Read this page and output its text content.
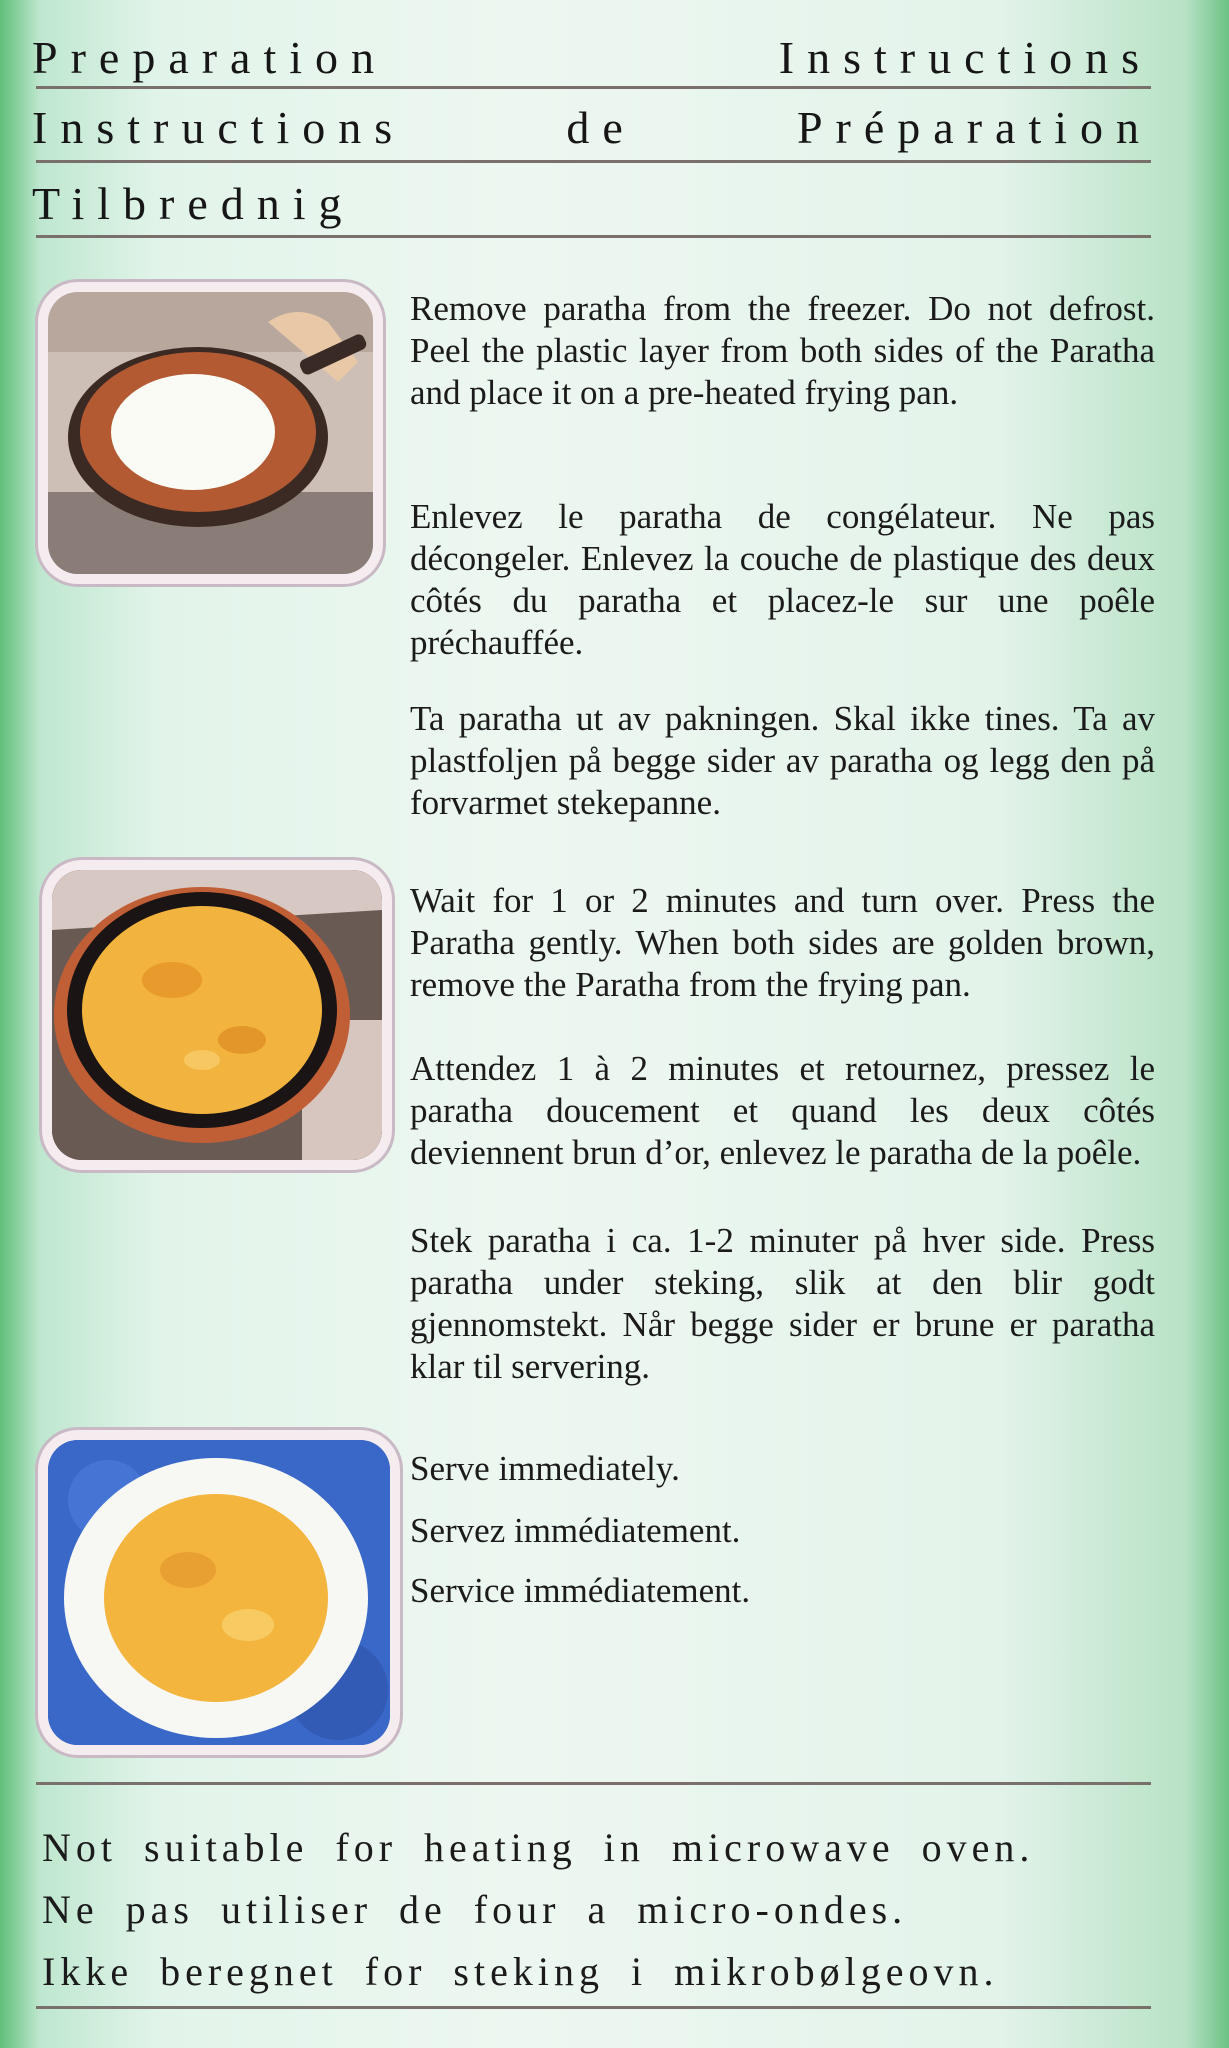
Preparation	Instructions
Instructions	de	Préparation
Tilbrednig

Remove paratha from the freezer. Do not defrost. Peel the plastic layer from both sides of the Paratha and place it on a pre-heated frying pan.

Enlevez le paratha de congélateur. Ne pas décongeler. Enlevez la couche de plastique des deux côtés du paratha et placez-le sur une poêle préchauffée.

Ta paratha ut av pakningen. Skal ikke tines. Ta av plastfoljen på begge sider av paratha og legg den på forvarmet stekepanne.

Wait for 1 or 2 minutes and turn over. Press the Paratha gently. When both sides are golden brown, remove the Paratha from the frying pan.

Attendez 1 à 2 minutes et retournez, pressez le paratha doucement et quand les deux côtés deviennent brun d’or, enlevez le paratha de la poêle.

Stek paratha i ca. 1-2 minuter på hver side. Press paratha under steking, slik at den blir godt gjennomstekt. Når begge sider er brune er paratha klar til servering.

Serve immediately.

Servez immédiatement.

Service immédiatement.

Not suitable for heating in microwave oven.
Ne pas utiliser de four a micro-ondes.
Ikke beregnet for steking i mikrobølgeovn.
